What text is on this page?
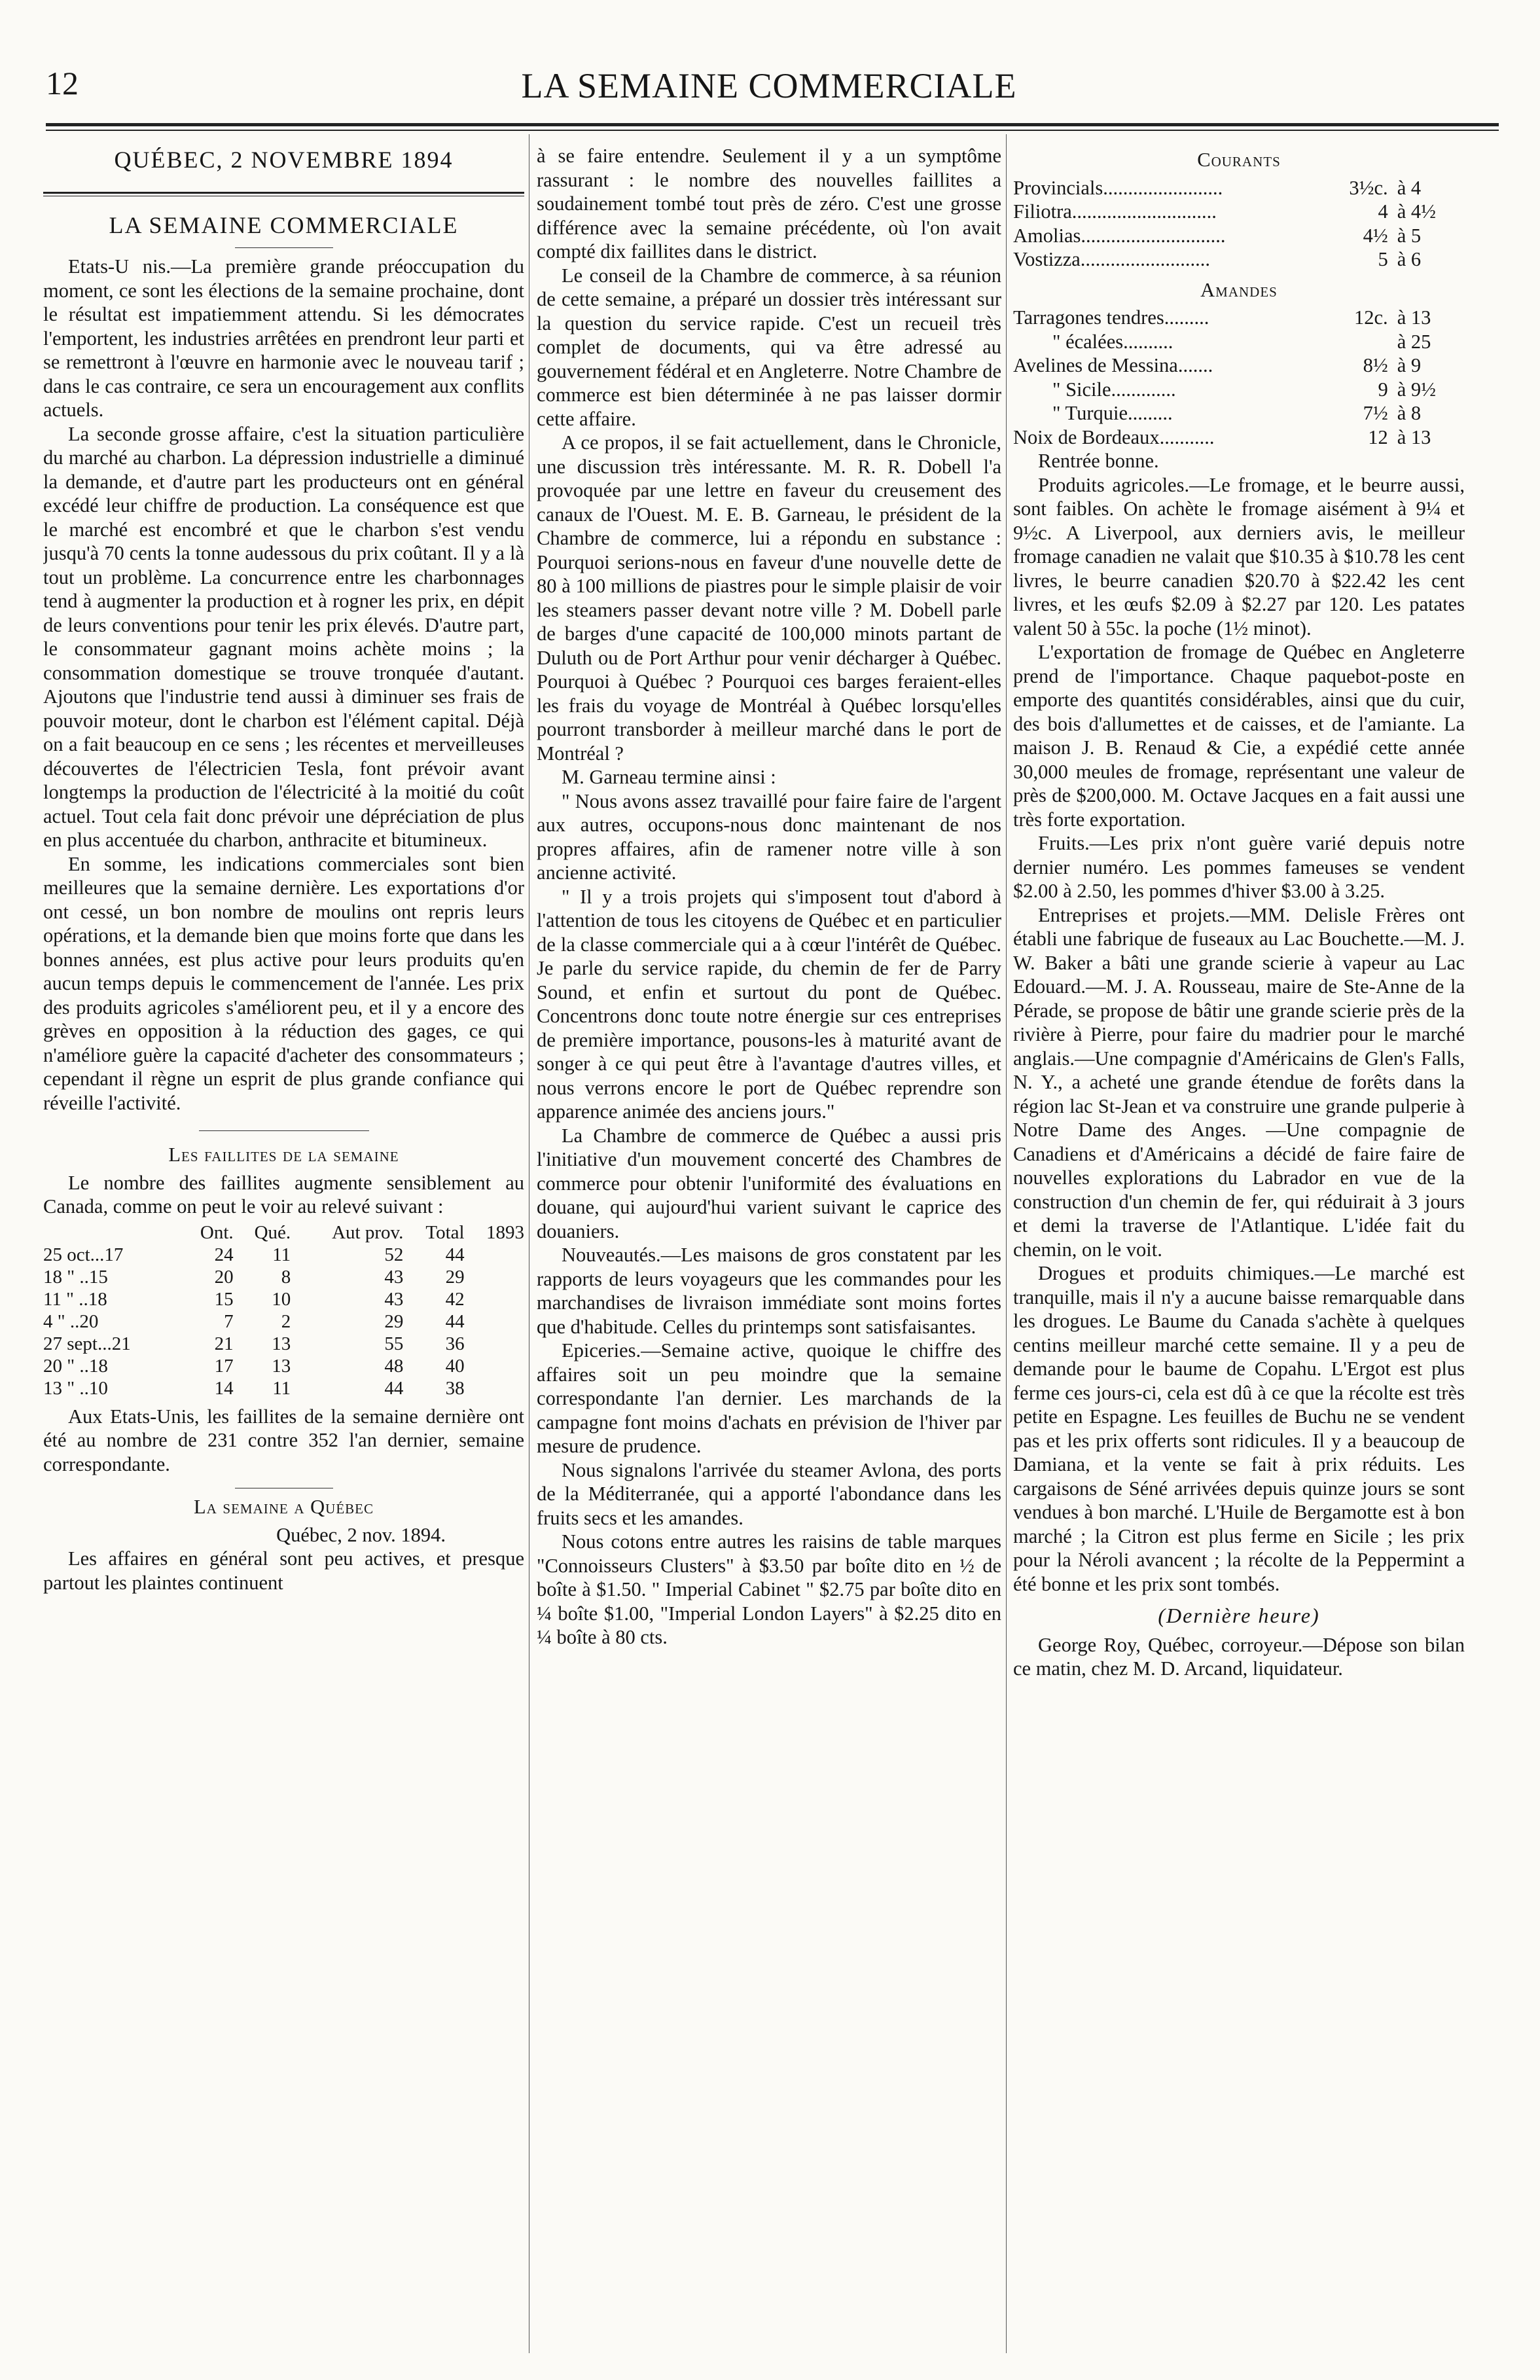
12	LA SEMAINE COMMERCIALE
QUÉBEC, 2 NOVEMBRE 1894
LA SEMAINE COMMERCIALE

Etats-U nis.—La première grande préoccupation du moment, ce sont les élections de la semaine prochaine, dont le résultat est impatiemment attendu. Si les démocrates l'emportent, les industries arrêtées en prendront leur parti et se remettront à l'œuvre en harmonie avec le nouveau tarif ; dans le cas contraire, ce sera un encouragement aux conflits actuels.

La seconde grosse affaire, c'est la situation particulière du marché au charbon. La dépression industrielle a diminué la demande, et d'autre part les producteurs ont en général excédé leur chiffre de production. La conséquence est que le marché est encombré et que le charbon s'est vendu jusqu'à 70 cents la tonne audessous du prix coûtant. Il y a là tout un problème. La concurrence entre les charbonnages tend à augmenter la production et à rogner les prix, en dépit de leurs conventions pour tenir les prix élevés. D'autre part, le consommateur gagnant moins achète moins ; la consommation domestique se trouve tronquée d'autant. Ajoutons que l'industrie tend aussi à diminuer ses frais de pouvoir moteur, dont le charbon est l'élément capital. Déjà on a fait beaucoup en ce sens ; les récentes et merveilleuses découvertes de l'électricien Tesla, font prévoir avant longtemps la production de l'électricité à la moitié du coût actuel. Tout cela fait donc prévoir une dépréciation de plus en plus accentuée du charbon, anthracite et bitumineux.

En somme, les indications commerciales sont bien meilleures que la semaine dernière. Les exportations d'or ont cessé, un bon nombre de moulins ont repris leurs opérations, et la demande bien que moins forte que dans les bonnes années, est plus active pour leurs produits qu'en aucun temps depuis le commencement de l'année. Les prix des produits agricoles s'améliorent peu, et il y a encore des grèves en opposition à la réduction des gages, ce qui n'améliore guère la capacité d'acheter des consommateurs ; cependant il règne un esprit de plus grande confiance qui réveille l'activité.

Les faillites de la semaine

Le nombre des faillites augmente sensiblement au Canada, comme on peut le voir au relevé suivant :

	Ont.	Qué.	Aut prov.	Total	1893
25 oct...17	24	11	52	44	
18 " ..15	20	8	43	29	
11 " ..18	15	10	43	42	
4 " ..20	7	2	29	44	
27 sept...21	21	13	55	36	
20 " ..18	17	13	48	40	
13 " ..10	14	11	44	38	

Aux Etats-Unis, les faillites de la semaine dernière ont été au nombre de 231 contre 352 l'an dernier, semaine correspondante.

La semaine a Québec

Québec, 2 nov. 1894.

Les affaires en général sont peu actives, et presque partout les plaintes continuent

à se faire entendre. Seulement il y a un symptôme rassurant : le nombre des nouvelles faillites a soudainement tombé tout près de zéro. C'est une grosse différence avec la semaine précédente, où l'on avait compté dix faillites dans le district.

Le conseil de la Chambre de commerce, à sa réunion de cette semaine, a préparé un dossier très intéressant sur la question du service rapide. C'est un recueil très complet de documents, qui va être adressé au gouvernement fédéral et en Angleterre. Notre Chambre de commerce est bien déterminée à ne pas laisser dormir cette affaire.

A ce propos, il se fait actuellement, dans le Chronicle, une discussion très intéressante. M. R. R. Dobell l'a provoquée par une lettre en faveur du creusement des canaux de l'Ouest. M. E. B. Garneau, le président de la Chambre de commerce, lui a répondu en substance : Pourquoi serions-nous en faveur d'une nouvelle dette de 80 à 100 millions de piastres pour le simple plaisir de voir les steamers passer devant notre ville ? M. Dobell parle de barges d'une capacité de 100,000 minots partant de Duluth ou de Port Arthur pour venir décharger à Québec. Pourquoi à Québec ? Pourquoi ces barges feraient-elles les frais du voyage de Montréal à Québec lorsqu'elles pourront transborder à meilleur marché dans le port de Montréal ?

M. Garneau termine ainsi :

" Nous avons assez travaillé pour faire faire de l'argent aux autres, occupons-nous donc maintenant de nos propres affaires, afin de ramener notre ville à son ancienne activité.

" Il y a trois projets qui s'imposent tout d'abord à l'attention de tous les citoyens de Québec et en particulier de la classe commerciale qui a à cœur l'intérêt de Québec. Je parle du service rapide, du chemin de fer de Parry Sound, et enfin et surtout du pont de Québec. Concentrons donc toute notre énergie sur ces entreprises de première importance, pousons-les à maturité avant de songer à ce qui peut être à l'avantage d'autres villes, et nous verrons encore le port de Québec reprendre son apparence animée des anciens jours."

La Chambre de commerce de Québec a aussi pris l'initiative d'un mouvement concerté des Chambres de commerce pour obtenir l'uniformité des évaluations en douane, qui aujourd'hui varient suivant le caprice des douaniers.

Nouveautés.—Les maisons de gros constatent par les rapports de leurs voyageurs que les commandes pour les marchandises de livraison immédiate sont moins fortes que d'habitude. Celles du printemps sont satisfaisantes.

Epiceries.—Semaine active, quoique le chiffre des affaires soit un peu moindre que la semaine correspondante l'an dernier. Les marchands de la campagne font moins d'achats en prévision de l'hiver par mesure de prudence.

Nous signalons l'arrivée du steamer Avlona, des ports de la Méditerranée, qui a apporté l'abondance dans les fruits secs et les amandes.

Nous cotons entre autres les raisins de table marques "Connoisseurs Clusters" à $3.50 par boîte dito en ½ de boîte à $1.50. " Imperial Cabinet " $2.75 par boîte dito en ¼ boîte $1.00, "Imperial London Layers" à $2.25 dito en ¼ boîte à 80 cts.

Courants
Provincials........................	3½c.	à 4
Filiotra.............................	4	à 4½
Amolias.............................	4½	à 5
Vostizza..........................	5	à 6
Amandes
Tarragones tendres.........	12c.	à 13
" écalées..........		à 25
Avelines de Messina.......	8½	à 9
" Sicile.............	9	à 9½
" Turquie.........	7½	à 8
Noix de Bordeaux...........	12	à 13

Rentrée bonne.

Produits agricoles.—Le fromage, et le beurre aussi, sont faibles. On achète le fromage aisément à 9¼ et 9½c. A Liverpool, aux derniers avis, le meilleur fromage canadien ne valait que $10.35 à $10.78 les cent livres, le beurre canadien $20.70 à $22.42 les cent livres, et les œufs $2.09 à $2.27 par 120. Les patates valent 50 à 55c. la poche (1½ minot).

L'exportation de fromage de Québec en Angleterre prend de l'importance. Chaque paquebot-poste en emporte des quantités considérables, ainsi que du cuir, des bois d'allumettes et de caisses, et de l'amiante. La maison J. B. Renaud & Cie, a expédié cette année 30,000 meules de fromage, représentant une valeur de près de $200,000. M. Octave Jacques en a fait aussi une très forte exportation.

Fruits.—Les prix n'ont guère varié depuis notre dernier numéro. Les pommes fameuses se vendent $2.00 à 2.50, les pommes d'hiver $3.00 à 3.25.

Entreprises et projets.—MM. Delisle Frères ont établi une fabrique de fuseaux au Lac Bouchette.—M. J. W. Baker a bâti une grande scierie à vapeur au Lac Edouard.—M. J. A. Rousseau, maire de Ste-Anne de la Pérade, se propose de bâtir une grande scierie près de la rivière à Pierre, pour faire du madrier pour le marché anglais.—Une compagnie d'Américains de Glen's Falls, N. Y., a acheté une grande étendue de forêts dans la région lac St-Jean et va construire une grande pulperie à Notre Dame des Anges. —Une compagnie de Canadiens et d'Américains a décidé de faire faire de nouvelles explorations du Labrador en vue de la construction d'un chemin de fer, qui réduirait à 3 jours et demi la traverse de l'Atlantique. L'idée fait du chemin, on le voit.

Drogues et produits chimiques.—Le marché est tranquille, mais il n'y a aucune baisse remarquable dans les drogues. Le Baume du Canada s'achète à quelques centins meilleur marché cette semaine. Il y a peu de demande pour le baume de Copahu. L'Ergot est plus ferme ces jours-ci, cela est dû à ce que la récolte est très petite en Espagne. Les feuilles de Buchu ne se vendent pas et les prix offerts sont ridicules. Il y a beaucoup de Damiana, et la vente se fait à prix réduits. Les cargaisons de Séné arrivées depuis quinze jours se sont vendues à bon marché. L'Huile de Bergamotte est à bon marché ; la Citron est plus ferme en Sicile ; les prix pour la Néroli avancent ; la récolte de la Peppermint a été bonne et les prix sont tombés.

(Dernière heure)

George Roy, Québec, corroyeur.—Dépose son bilan ce matin, chez M. D. Arcand, liquidateur.
